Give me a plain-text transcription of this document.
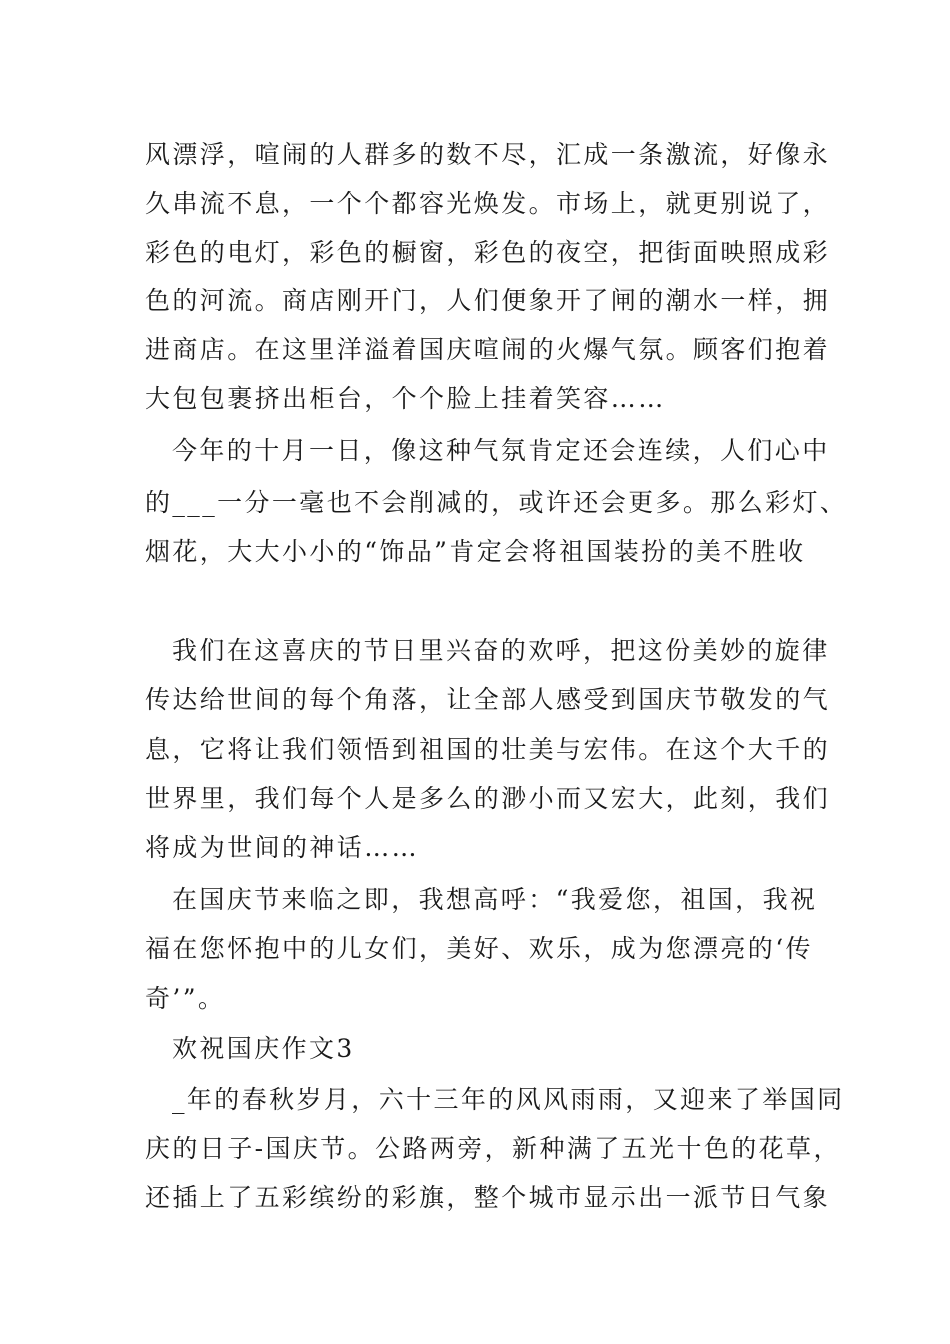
风漂浮，喧闹的人群多的数不尽，汇成一条激流，好像永
久串流不息，一个个都容光焕发。市场上，就更别说了，
彩色的电灯，彩色的橱窗，彩色的夜空，把街面映照成彩
色的河流。商店刚开门，人们便象开了闸的潮水一样，拥
进商店。在这里洋溢着国庆喧闹的火爆气氛。顾客们抱着
大包包裹挤出柜台，个个脸上挂着笑容……
今年的十月一日，像这种气氛肯定还会连续，人们心中
的___一分一毫也不会削减的，或许还会更多。那么彩灯、
烟花，大大小小的“饰品”肯定会将祖国装扮的美不胜收
我们在这喜庆的节日里兴奋的欢呼，把这份美妙的旋律
传达给世间的每个角落，让全部人感受到国庆节敬发的气
息，它将让我们领悟到祖国的壮美与宏伟。在这个大千的
世界里，我们每个人是多么的渺小而又宏大，此刻，我们
将成为世间的神话……
在国庆节来临之即，我想高呼：“我爱您，祖国，我祝
福在您怀抱中的儿女们，美好、欢乐，成为您漂亮的‘传
奇’”。
欢祝国庆作文3
_年的春秋岁月，六十三年的风风雨雨，又迎来了举国同
庆的日子-国庆节。公路两旁，新种满了五光十色的花草，
还插上了五彩缤纷的彩旗，整个城市显示出一派节日气象
